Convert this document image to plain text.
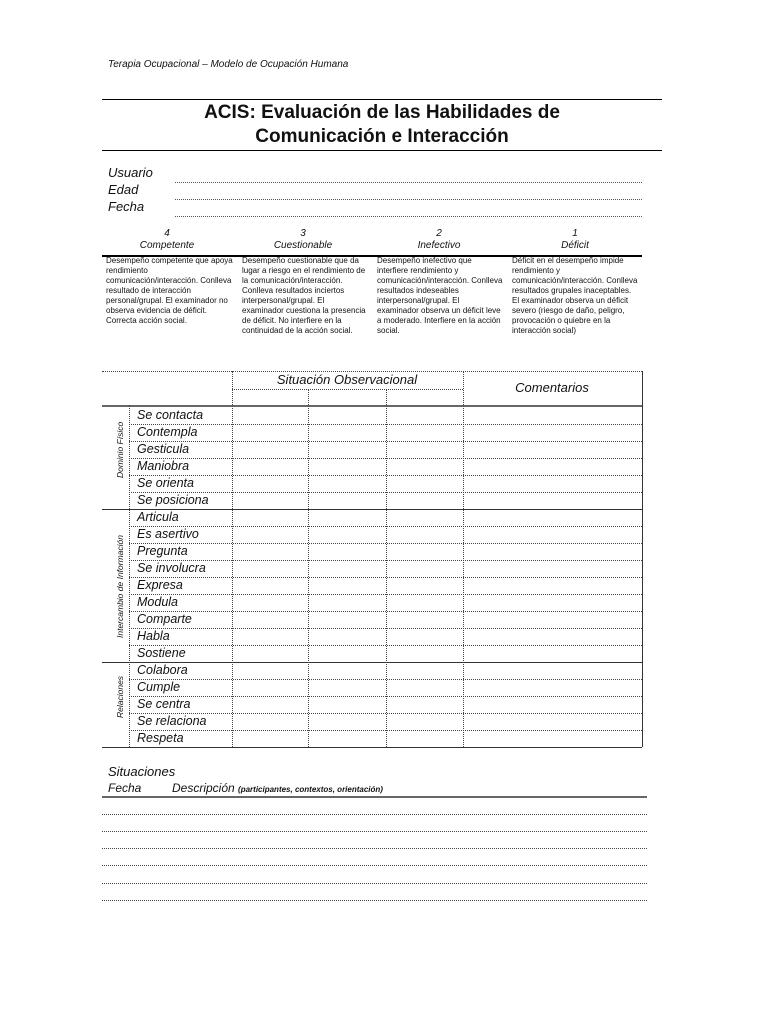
Terapia Ocupacional – Modelo de Ocupación Humana
ACIS: Evaluación de las Habilidades de
Comunicación e Interacción
Usuario
Edad
Fecha
4
Competente
3
Cuestionable
2
Inefectivo
1
Déficit
Desempeño competente que apoya rendimiento comunicación/interacción. Conlleva resultado de interacción personal/grupal. El examinador no observa evidencia de déficit. Correcta acción social.
Desempeño cuestionable que da lugar a riesgo en el rendimiento de la comunicación/interacción. Conlleva resultados inciertos interpersonal/grupal. El examinador cuestiona la presencia de déficit. No interfiere en la continuidad de la acción social.
Desempeño inefectivo que interfiere rendimiento y comunicación/interacción. Conlleva resultados indeseables interpersonal/grupal. El examinador observa un déficit leve a moderado. Interfiere en la acción social.
Déficit en el desempeño impide rendimiento y comunicación/interacción. Conlleva resultados grupales inaceptables. El examinador observa un déficit severo (riesgo de daño, peligro, provocación o quiebre en la interacción social)
Situación Observacional
Comentarios
Dominio Físico
Intercambio de Información
Relaciones
Se contacta
Contempla
Gesticula
Maniobra
Se orienta
Se posiciona
Articula
Es asertivo
Pregunta
Se involucra
Expresa
Modula
Comparte
Habla
Sostiene
Colabora
Cumple
Se centra
Se relaciona
Respeta
Situaciones
Fecha	Descripción (participantes, contextos, orientación)
